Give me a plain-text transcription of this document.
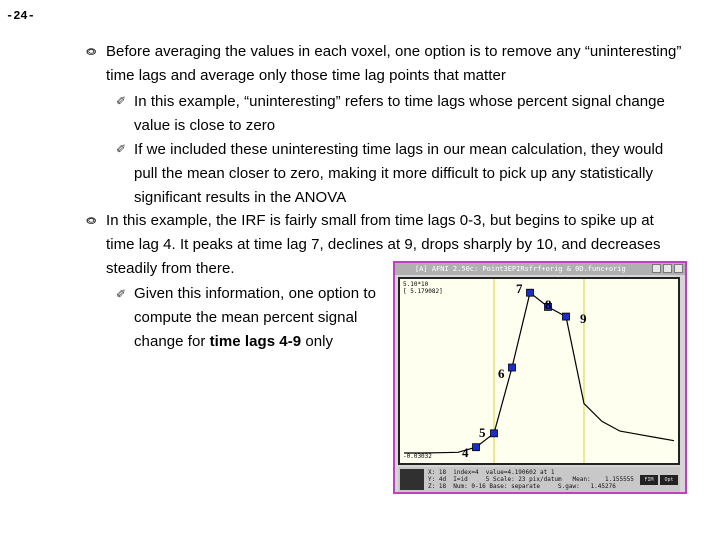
-24-
⭖ Before averaging the values in each voxel, one option is to remove any “uninteresting” time lags and average only those time lag points that matter
✐ In this example, “uninteresting” refers to time lags whose percent signal change value is close to zero
✐ If we included these uninteresting time lags in our mean calculation, they would pull the mean closer to zero, making it more difficult to pick up any statistically significant results in the ANOVA
⭖ In this example, the IRF is fairly small from time lags 0-3, but begins to spike up at time lag 4. It peaks at time lag 7, declines at 9, drops sharply by 10, and decreases steadily from there.
✐ Given this information, one option to compute the mean percent signal change for time lags 4-9 only
[A] AFNI 2.50c: Point3EPIRsfrf+orig & 0D.func+orig
5.10*10
[ 5.179082]
-0.03032
X: 18  index=4  value=4.190602 at 1
Y: 4d  I=id     5 Scale: 23 pix/datum   Mean:    1.155555
Z: 18  Num: 0-16 Base: separate     S.gaw:   1.45276
FIM	Opt
4
5
6
7
8
9
